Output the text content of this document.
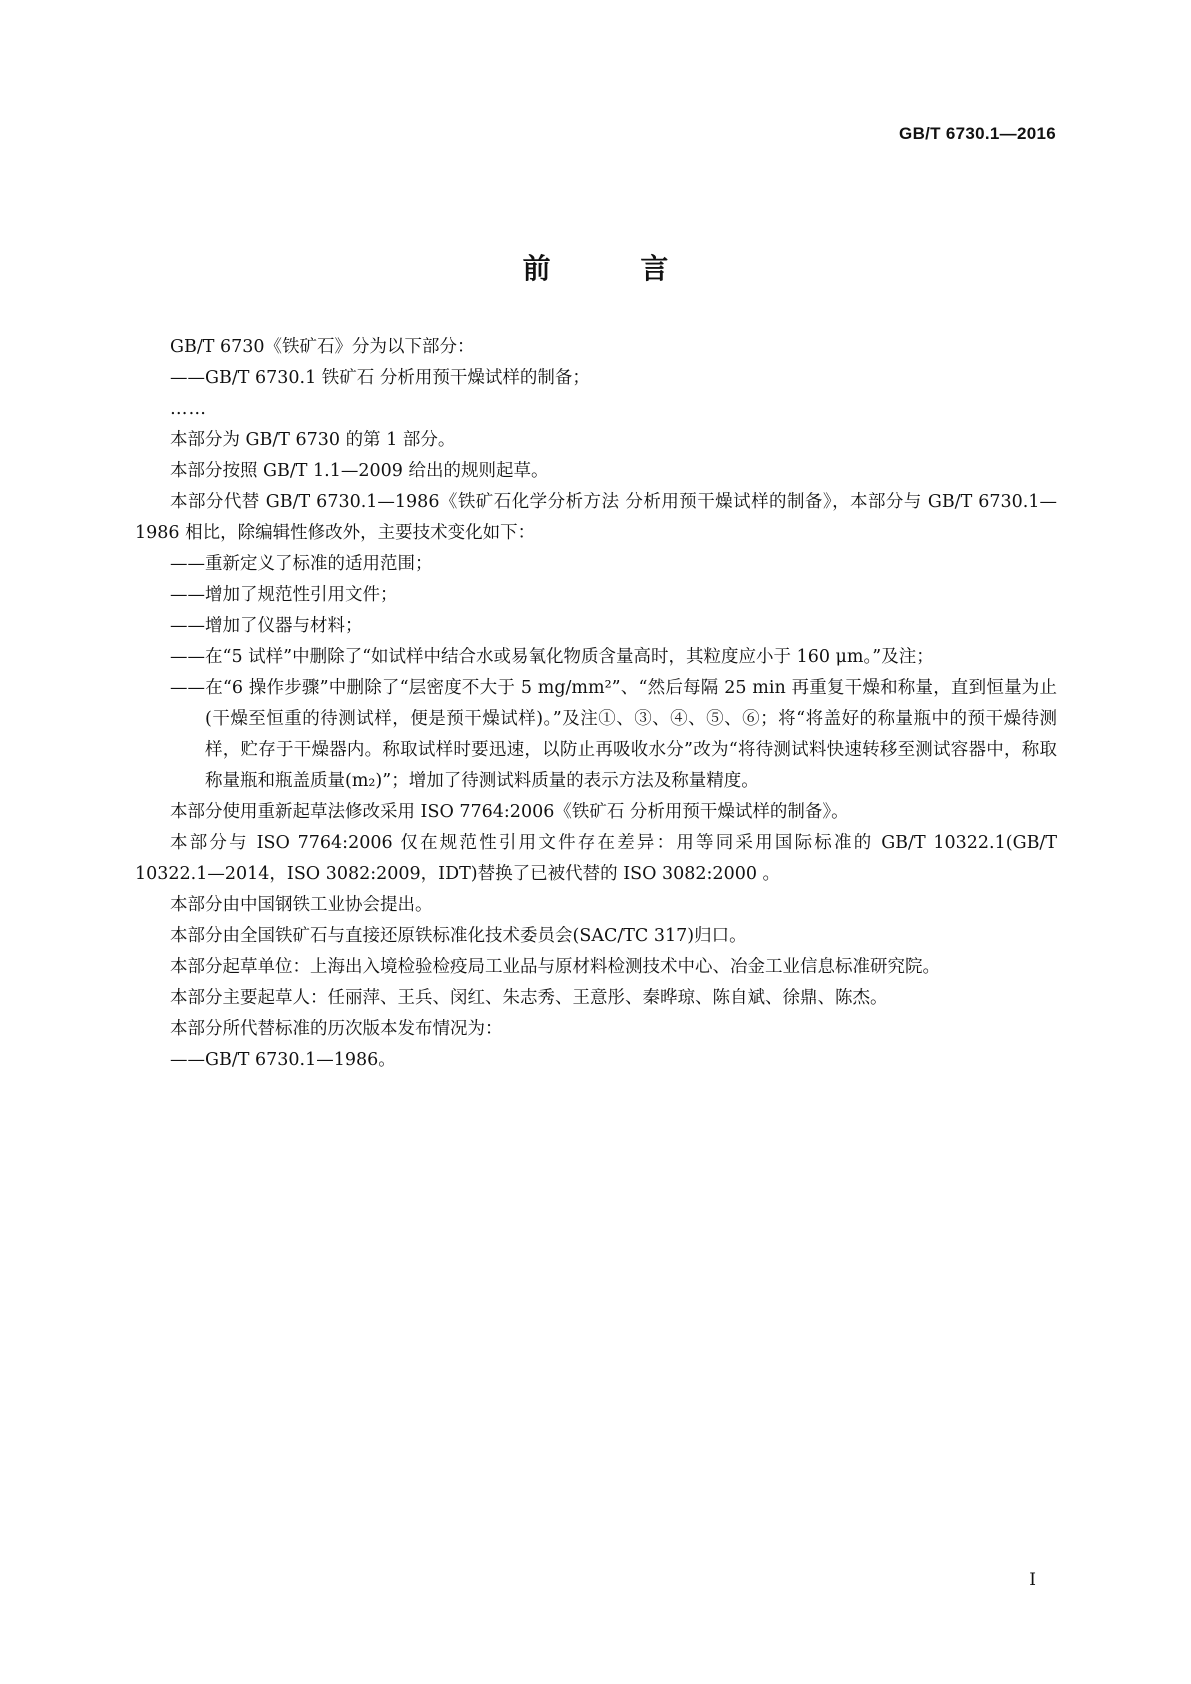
GB/T 6730.1—2016
前 言

GB/T 6730《铁矿石》分为以下部分：

——GB/T 6730.1 铁矿石 分析用预干燥试样的制备；

……

本部分为 GB/T 6730 的第 1 部分。

本部分按照 GB/T 1.1—2009 给出的规则起草。

本部分代替 GB/T 6730.1—1986《铁矿石化学分析方法 分析用预干燥试样的制备》，本部分与 GB/T 6730.1—1986 相比，除编辑性修改外，主要技术变化如下：

——重新定义了标准的适用范围；

——增加了规范性引用文件；

——增加了仪器与材料；

——在“5 试样”中删除了“如试样中结合水或易氧化物质含量高时，其粒度应小于 160 μm。”及注；

——在“6 操作步骤”中删除了“层密度不大于 5 mg/mm²”、“然后每隔 25 min 再重复干燥和称量，直到恒量为止(干燥至恒重的待测试样，便是预干燥试样)。”及注①、③、④、⑤、⑥；将“将盖好的称量瓶中的预干燥待测样，贮存于干燥器内。称取试样时要迅速，以防止再吸收水分”改为“将待测试料快速转移至测试容器中，称取称量瓶和瓶盖质量(m₂)”；增加了待测试料质量的表示方法及称量精度。

本部分使用重新起草法修改采用 ISO 7764:2006《铁矿石 分析用预干燥试样的制备》。

本部分与 ISO 7764:2006 仅在规范性引用文件存在差异：用等同采用国际标准的 GB/T 10322.1(GB/T 10322.1—2014，ISO 3082:2009，IDT)替换了已被代替的 ISO 3082:2000 。

本部分由中国钢铁工业协会提出。

本部分由全国铁矿石与直接还原铁标准化技术委员会(SAC/TC 317)归口。

本部分起草单位：上海出入境检验检疫局工业品与原材料检测技术中心、冶金工业信息标准研究院。

本部分主要起草人：任丽萍、王兵、闵红、朱志秀、王意彤、秦晔琼、陈自斌、徐鼎、陈杰。

本部分所代替标准的历次版本发布情况为：

——GB/T 6730.1—1986。

I
